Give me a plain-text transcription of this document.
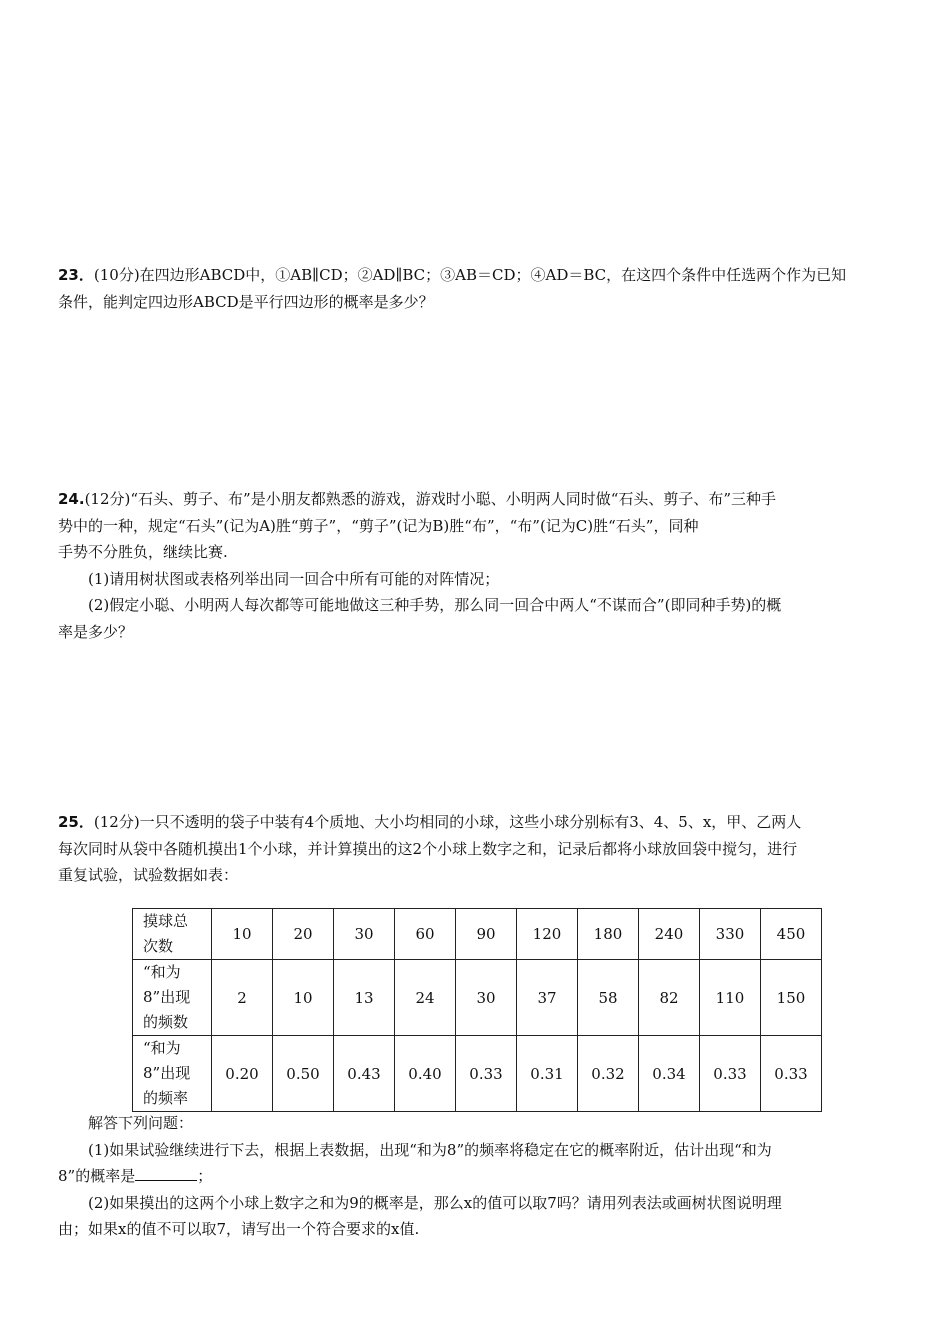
23．(10分)在四边形ABCD中，①AB∥CD；②AD∥BC；③AB＝CD；④AD＝BC，在这四个条件中任选两个作为已知
条件，能判定四边形ABCD是平行四边形的概率是多少？
24.(12分)“石头、剪子、布”是小朋友都熟悉的游戏，游戏时小聪、小明两人同时做“石头、剪子、布”三种手
势中的一种，规定“石头”(记为A)胜“剪子”，“剪子”(记为B)胜“布”，“布”(记为C)胜“石头”，同种
手势不分胜负，继续比赛.
(1)请用树状图或表格列举出同一回合中所有可能的对阵情况；
(2)假定小聪、小明两人每次都等可能地做这三种手势，那么同一回合中两人“不谋而合”(即同种手势)的概
率是多少？
25．(12分)一只不透明的袋子中装有4个质地、大小均相同的小球，这些小球分别标有3、4、5、x，甲、乙两人
每次同时从袋中各随机摸出1个小球，并计算摸出的这2个小球上数字之和，记录后都将小球放回袋中搅匀，进行
重复试验，试验数据如表：
摸球总
次数	10	20	30	60	90	120	180	240	330	450

“和为
8”出现
的频数	2	10	13	24	30	37	58	82	110	150

“和为
8”出现
的频率	0.20	0.50	0.43	0.40	0.33	0.31	0.32	0.34	0.33	0.33
解答下列问题：
(1)如果试验继续进行下去，根据上表数据，出现“和为8”的频率将稳定在它的概率附近，估计出现“和为
8”的概率是	；
(2)如果摸出的这两个小球上数字之和为9的概率是，那么x的值可以取7吗？请用列表法或画树状图说明理
由；如果x的值不可以取7，请写出一个符合要求的x值.
